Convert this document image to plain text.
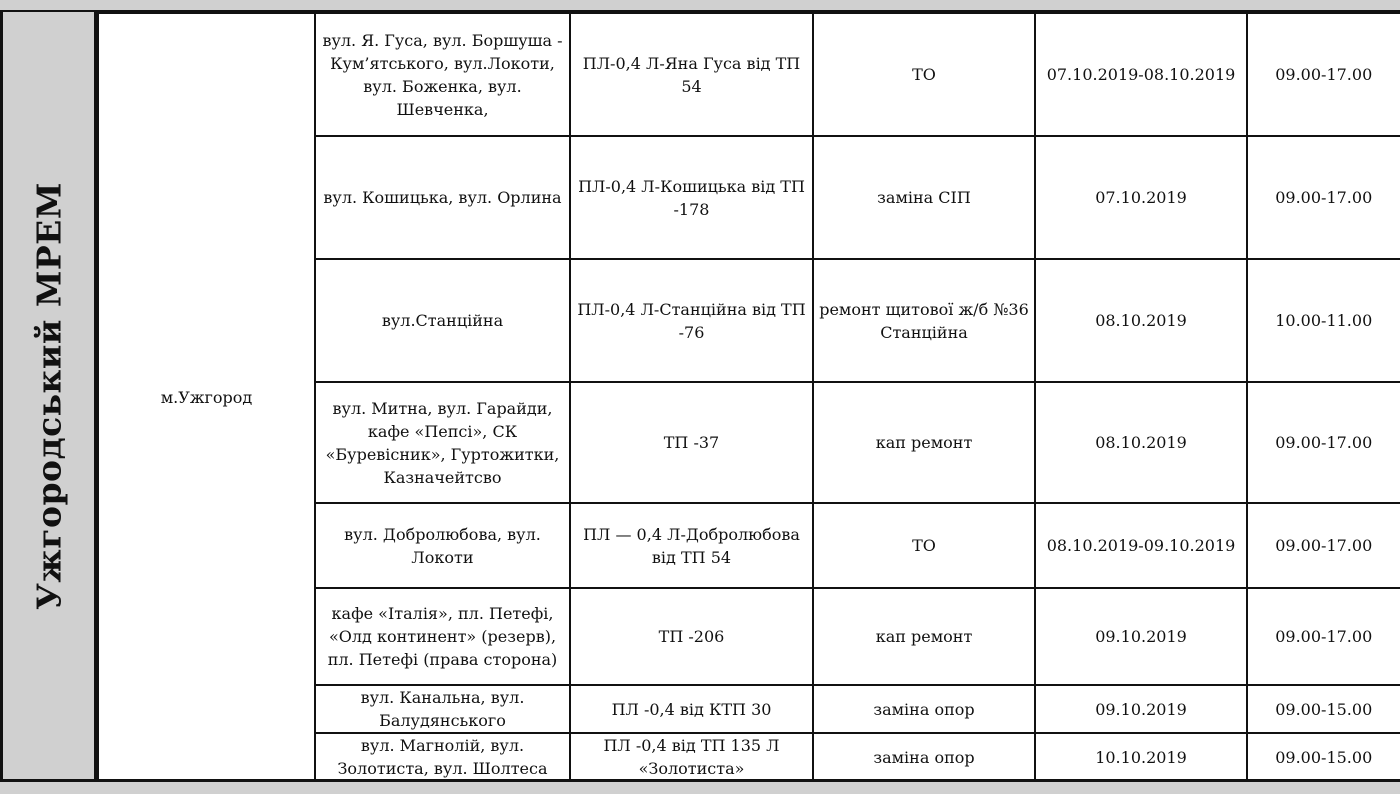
Ужгородський МРЕМ	м.Ужгород	вул. Я. Гуса, вул. Боршуша - Кум’ятського, вул.Локоти, вул. Боженка, вул. Шевченка,	ПЛ-0,4 Л-Яна Гуса від ТП 54	ТО	07.10.2019-08.10.2019	09.00-17.00
	вул. Кошицька, вул. Орлина	ПЛ-0,4 Л-Кошицька від ТП -178	заміна СІП	07.10.2019	09.00-17.00
	вул.Станційна	ПЛ-0,4 Л-Станційна від ТП -76	ремонт щитової ж/б №36 Станційна	08.10.2019	10.00-11.00
	вул. Митна, вул. Гарайди, кафе «Пепсі», СК «Буревісник», Гуртожитки, Казначейтсво	ТП -37	кап ремонт	08.10.2019	09.00-17.00
	вул. Добролюбова, вул. Локоти	ПЛ — 0,4 Л-Добролюбова від ТП 54	ТО	08.10.2019-09.10.2019	09.00-17.00
	кафе «Італія», пл. Петефі, «Олд континент» (резерв), пл. Петефі (права сторона)	ТП -206	кап ремонт	09.10.2019	09.00-17.00
	вул. Канальна, вул. Балудянського	ПЛ -0,4 від КТП 30	заміна опор	09.10.2019	09.00-15.00
	вул. Магнолій, вул. Золотиста, вул. Шолтеса	ПЛ -0,4 від ТП 135 Л «Золотиста»	заміна опор	10.10.2019	09.00-15.00
